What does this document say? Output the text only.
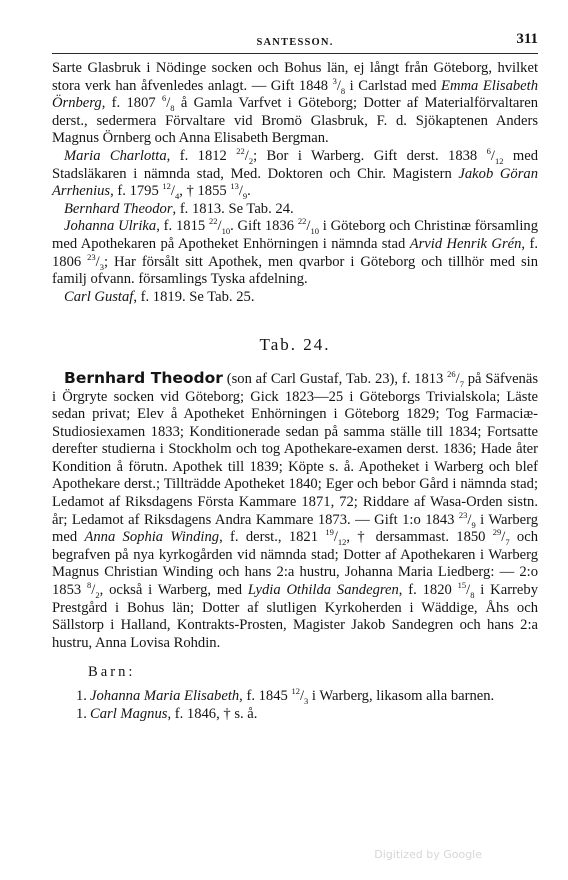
SANTESSON.	311

Sarte Glasbruk i Nödinge socken och Bohus län, ej långt från Göteborg, hvilket stora verk han åfvenledes anlagt. — Gift 1848 $^3/_8$ i Carlstad med Emma Elisabeth Örnberg, f. 1807 $^6/_8$ å Gamla Varfvet i Göteborg; Dotter af Materialförvaltaren derst., sedermera Förvaltare vid Bromö Glasbruk, F. d. Sjökaptenen Anders Magnus Örnberg och Anna Elisabeth Bergman.

Maria Charlotta, f. 1812 $^{22}/_2$; Bor i Warberg. Gift derst. 1838 $^6/_{12}$ med Stadsläkaren i nämnda stad, Med. Doktoren och Chir. Magistern Jakob Göran Arrhenius, f. 1795 $^{12}/_4$, † 1855 $^{13}/_9$.

Bernhard Theodor, f. 1813. Se Tab. 24.

Johanna Ulrika, f. 1815 $^{22}/_{10}$. Gift 1836 $^{22}/_{10}$ i Göteborg och Christinæ församling med Apothekaren på Apotheket Enhörningen i nämnda stad Arvid Henrik Grén, f. 1806 $^{23}/_3$; Har försålt sitt Apothek, men qvarbor i Göteborg och tillhör med sin familj ofvann. församlings Tyska afdelning.

Carl Gustaf, f. 1819. Se Tab. 25.

Tab. 24.

Bernhard Theodor (son af Carl Gustaf, Tab. 23), f. 1813 $^{26}/_7$ på Säfvenäs i Örgryte socken vid Göteborg; Gick 1823—25 i Göteborgs Trivialskola; Läste sedan privat; Elev å Apotheket Enhörningen i Göteborg 1829; Tog Farmaciæ-Studiosiexamen 1833; Konditionerade sedan på samma ställe till 1834; Fortsatte derefter studierna i Stockholm och tog Apothekare-examen derst. 1836; Hade åter Kondition å förutn. Apothek till 1839; Köpte s. å. Apotheket i Warberg och blef Apothekare derst.; Tillträdde Apotheket 1840; Eger och bebor Gård i nämnda stad; Ledamot af Riksdagens Första Kammare 1871, 72; Riddare af Wasa-Orden sistn. år; Ledamot af Riksdagens Andra Kammare 1873. — Gift 1:o 1843 $^{23}/_9$ i Warberg med Anna Sophia Winding, f. derst., 1821 $^{19}/_{12}$, † dersammast. 1850 $^{29}/_7$ och begrafven på nya kyrkogården vid nämnda stad; Dotter af Apothekaren i Warberg Magnus Christian Winding och hans 2:a hustru, Johanna Maria Liedberg: — 2:o 1853 $^8/_2$, också i Warberg, med Lydia Othilda Sandegren, f. 1820 $^{15}/_8$ i Karreby Prestgård i Bohus län; Dotter af slutligen Kyrkoherden i Wäddige, Åhs och Sällstorp i Halland, Kontrakts-Prosten, Magister Jakob Sandegren och hans 2:a hustru, Anna Lovisa Rohdin.

Barn:

1. Johanna Maria Elisabeth, f. 1845 $^{12}/_3$ i Warberg, likasom alla barnen.

1. Carl Magnus, f. 1846, † s. å.

Digitized by Google
